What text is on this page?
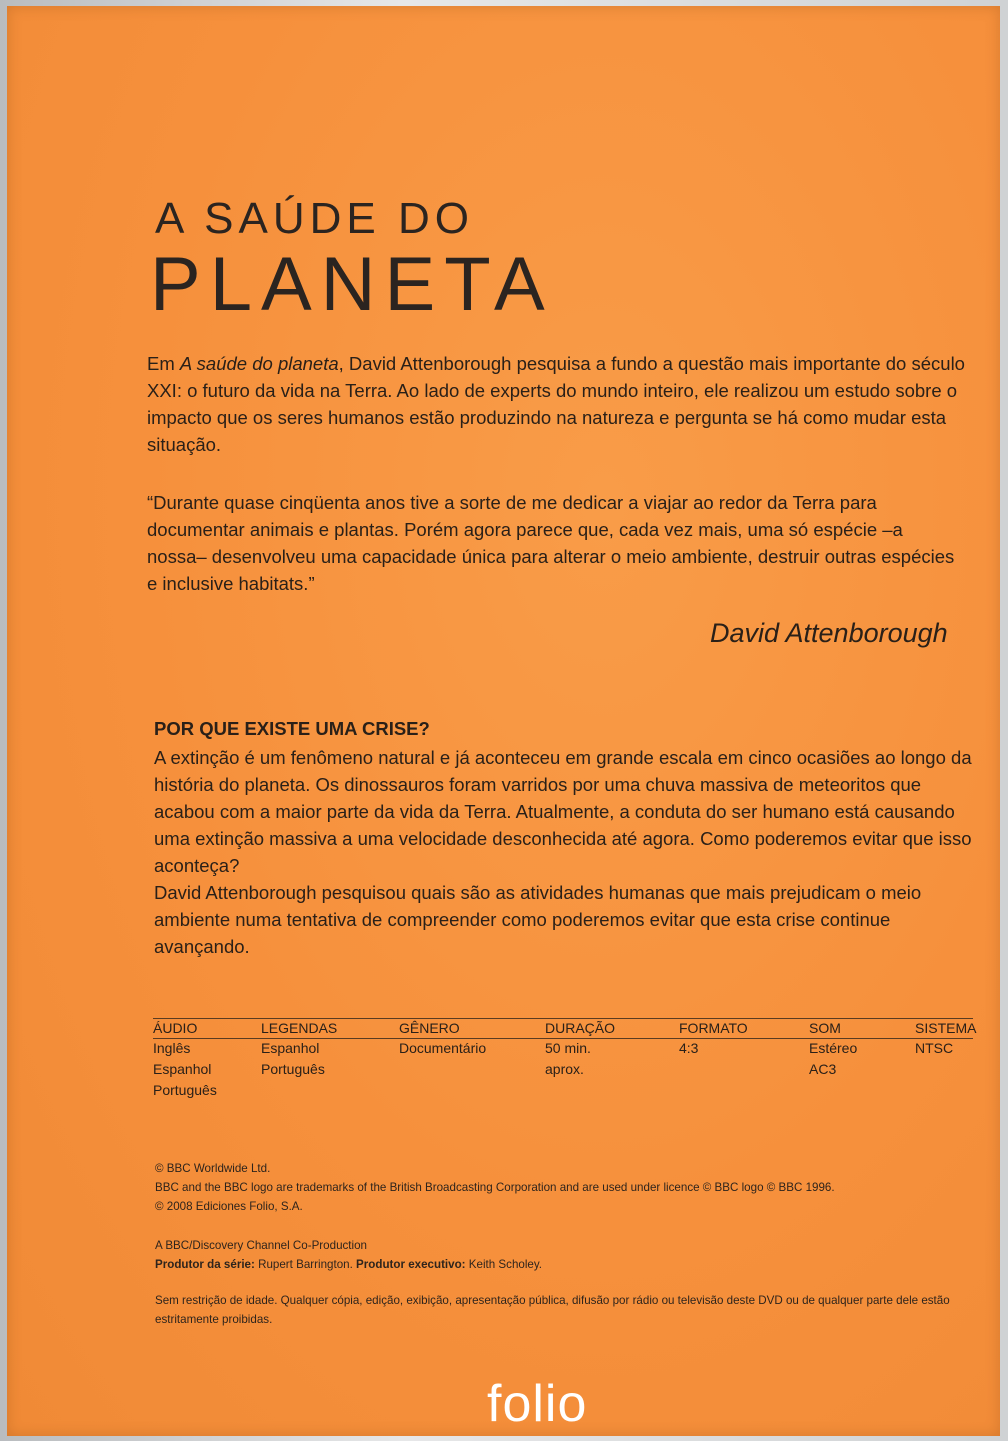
A SAÚDE DO
PLANETA
Em A saúde do planeta, David Attenborough pesquisa a fundo a questão mais importante do século XXI: o futuro da vida na Terra. Ao lado de experts do mundo inteiro, ele realizou um estudo sobre o impacto que os seres humanos estão produzindo na natureza e pergunta se há como mudar esta situação.
“Durante quase cinqüenta anos tive a sorte de me dedicar a viajar ao redor da Terra para documentar animais e plantas. Porém agora parece que, cada vez mais, uma só espécie –a nossa– desenvolveu uma capacidade única para alterar o meio ambiente, destruir outras espécies e inclusive habitats.”
David Attenborough
POR QUE EXISTE UMA CRISE?
A extinção é um fenômeno natural e já aconteceu em grande escala em cinco ocasiões ao longo da história do planeta. Os dinossauros foram varridos por uma chuva massiva de meteoritos que acabou com a maior parte da vida da Terra. Atualmente, a conduta do ser humano está causando uma extinção massiva a uma velocidade desconhecida até agora. Como poderemos evitar que isso aconteça?
David Attenborough pesquisou quais são as atividades humanas que mais prejudicam o meio ambiente numa tentativa de compreender como poderemos evitar que esta crise continue avançando.
ÁUDIO
Inglês
Espanhol
Português
LEGENDAS
Espanhol
Português
GÊNERO
Documentário
DURAÇÃO
50 min.
aprox.
FORMATO
4:3
SOM
Estéreo
AC3
SISTEMA
NTSC
© BBC Worldwide Ltd.
BBC and the BBC logo are trademarks of the British Broadcasting Corporation and are used under licence © BBC logo © BBC 1996.
© 2008 Ediciones Folio, S.A.
A BBC/Discovery Channel Co-Production
Produtor da série: Rupert Barrington. Produtor executivo: Keith Scholey.
Sem restrição de idade. Qualquer cópia, edição, exibição, apresentação pública, difusão por rádio ou televisão deste DVD ou de qualquer parte dele estão estritamente proibidas.
folio
